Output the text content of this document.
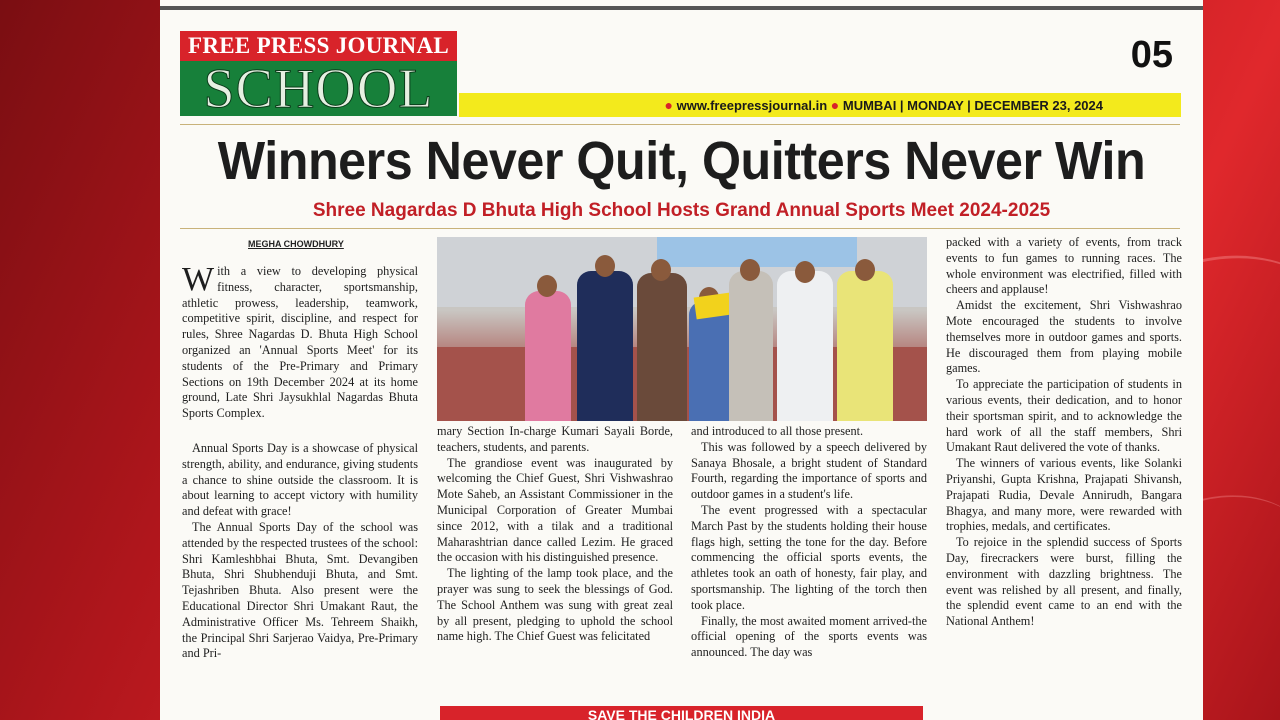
FREE PRESS JOURNAL
SCHOOL
05
● www.freepressjournal.in ● MUMBAI | MONDAY | DECEMBER 23, 2024
Winners Never Quit, Quitters Never Win
Shree Nagardas D Bhuta High School Hosts Grand Annual Sports Meet 2024-2025
MEGHA CHOWDHURY

With a view to developing physical fitness, character, sportsmanship, athletic prowess, leadership, teamwork, competitive spirit, discipline, and respect for rules, Shree Nagardas D. Bhuta High School organized an 'Annual Sports Meet' for its students of the Pre-Primary and Primary Sections on 19th December 2024 at its home ground, Late Shri Jaysukhlal Nagardas Bhuta Sports Complex.

Annual Sports Day is a showcase of physical strength, ability, and endurance, giving students a chance to shine outside the classroom. It is about learning to accept victory with humility and defeat with grace!

The Annual Sports Day of the school was attended by the respected trustees of the school: Shri Kamleshbhai Bhuta, Smt. Devangiben Bhuta, Shri Shubhenduji Bhuta, and Smt. Tejashriben Bhuta. Also present were the Educational Director Shri Umakant Raut, the Administrative Officer Ms. Tehreem Shaikh, the Principal Shri Sarjerao Vaidya, Pre-Primary and Pri-

mary Section In-charge Kumari Sayali Borde, teachers, students, and parents.

The grandiose event was inaugurated by welcoming the Chief Guest, Shri Vishwashrao Mote Saheb, an Assistant Commissioner in the Municipal Corporation of Greater Mumbai since 2012, with a tilak and a traditional Maharashtrian dance called Lezim. He graced the occasion with his distinguished presence.

The lighting of the lamp took place, and the prayer was sung to seek the blessings of God. The School Anthem was sung with great zeal by all present, pledging to uphold the school name high. The Chief Guest was felicitated

and introduced to all those present.

This was followed by a speech delivered by Sanaya Bhosale, a bright student of Standard Fourth, regarding the importance of sports and outdoor games in a student's life.

The event progressed with a spectacular March Past by the students holding their house flags high, setting the tone for the day. Before commencing the official sports events, the athletes took an oath of honesty, fair play, and sportsmanship. The lighting of the torch then took place.

Finally, the most awaited moment arrived-the official opening of the sports events was announced. The day was

packed with a variety of events, from track events to fun games to running races. The whole environment was electrified, filled with cheers and applause!

Amidst the excitement, Shri Vishwashrao Mote encouraged the students to involve themselves more in outdoor games and sports. He discouraged them from playing mobile games.

To appreciate the participation of students in various events, their dedication, and to honor their sportsman spirit, and to acknowledge the hard work of all the staff members, Shri Umakant Raut delivered the vote of thanks.

The winners of various events, like Solanki Priyanshi, Gupta Krishna, Prajapati Shivansh, Prajapati Rudia, Devale Annirudh, Bangara Bhagya, and many more, were rewarded with trophies, medals, and certificates.

To rejoice in the splendid success of Sports Day, firecrackers were burst, filling the environment with dazzling brightness. The event was relished by all present, and finally, the splendid event came to an end with the National Anthem!

SAVE THE CHILDREN INDIA
